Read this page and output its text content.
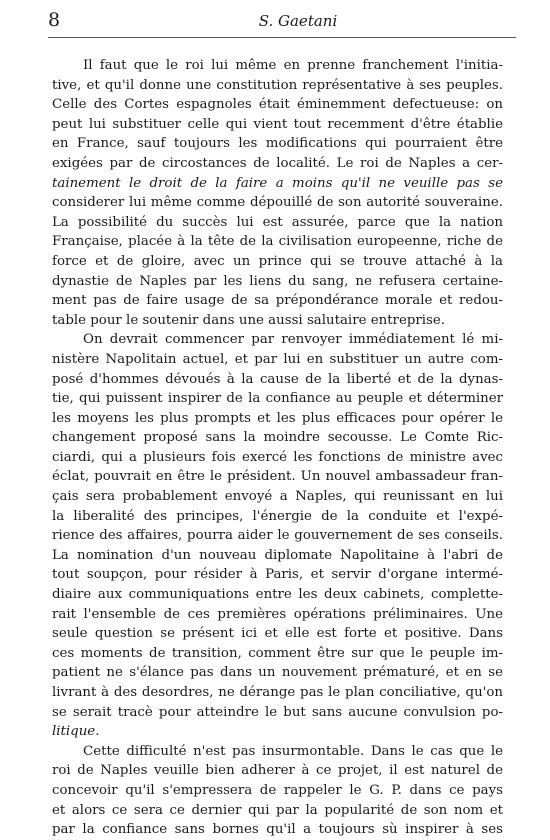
8	S. Gaetani

Il faut que le roi lui même en prenne franchement l'initia-
tive, et qu'il donne une constitution représentative à ses peuples.
Celle des Cortes espagnoles était éminemment defectueuse: on
peut lui substituer celle qui vient tout recemment d'être établie
en France, sauf toujours les modifications qui pourraient être
exigées par de circostances de localité. Le roi de Naples a cer-
tainement le droit de la faire a moins qu'il ne veuille pas se
considerer lui même comme dépouillé de son autorité souveraine.
La possibilité du succès lui est assurée, parce que la nation
Française, placée à la tête de la civilisation europeenne, riche de
force et de gloire, avec un prince qui se trouve attaché à la
dynastie de Naples par les liens du sang, ne refusera certaine-
ment pas de faire usage de sa prépondérance morale et redou-
table pour le soutenir dans une aussi salutaire entreprise.

On devrait commencer par renvoyer immédiatement lé mi-
nistère Napolitain actuel, et par lui en substituer un autre com-
posé d'hommes dévoués à la cause de la liberté et de la dynas-
tie, qui puissent inspirer de la confiance au peuple et déterminer
les moyens les plus prompts et les plus efficaces pour opérer le
changement proposé sans la moindre secousse. Le Comte Ric-
ciardi, qui a plusieurs fois exercé les fonctions de ministre avec
éclat, pouvrait en être le président. Un nouvel ambassadeur fran-
çais sera probablement envoyé a Naples, qui reunissant en lui
la liberalité des principes, l'énergie de la conduite et l'expé-
rience des affaires, pourra aider le gouvernement de ses conseils.
La nomination d'un nouveau diplomate Napolitaine à l'abri de
tout soupçon, pour résider à Paris, et servir d'organe intermé-
diaire aux communiquations entre les deux cabinets, complette-
rait l'ensemble de ces premières opérations préliminaires. Une
seule question se présent ici et elle est forte et positive. Dans
ces moments de transition, comment être sur que le peuple im-
patient ne s'élance pas dans un nouvement prématuré, et en se
livrant à des desordres, ne dérange pas le plan conciliative, qu'on
se serait tracè pour atteindre le but sans aucune convulsion po-
litique.

Cette difficulté n'est pas insurmontable. Dans le cas que le
roi de Naples veuille bien adherer à ce projet, il est naturel de
concevoir qu'il s'empressera de rappeler le G. P. dans ce pays
et alors ce sera ce dernier qui par la popularité de son nom et
par la confiance sans bornes qu'il a toujours sù inspirer à ses
